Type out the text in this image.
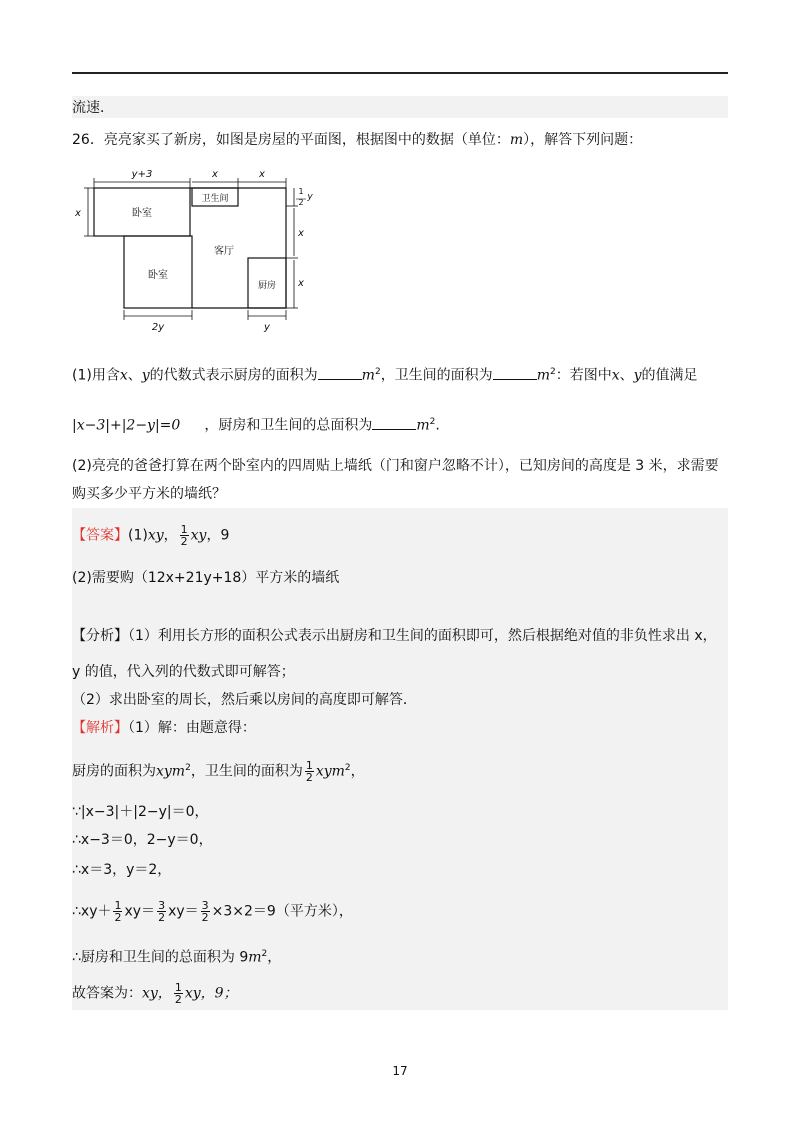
流速．
26．亮亮家买了新房，如图是房屋的平面图，根据图中的数据（单位：m），解答下列问题：
卧室
卧室
卫生间
客厅
厨房
y+3	x	x
x
1
2
y
x
x
2y	y
(1)用含x、y的代数式表示厨房的面积为	$m^2$，卫生间的面积为	$m^2$：若图中x、y的值满足
|x−3|+|2−y|=0 ，厨房和卫生间的总面积为	$m^2$.
(2)亮亮的爸爸打算在两个卧室内的四周贴上墙纸（门和窗户忽略不计），已知房间的高度是 3 米，求需要
购买多少平方米的墙纸？
【答案】(1)xy， $\frac{1}{2}$ xy，9
(2)需要购（12x+21y+18）平方米的墙纸
【分析】（1）利用长方形的面积公式表示出厨房和卫生间的面积即可，然后根据绝对值的非负性求出 x，
y 的值，代入列的代数式即可解答；
（2）求出卧室的周长，然后乘以房间的高度即可解答．
【解析】（1）解：由题意得：
厨房的面积为xym$^2$，卫生间的面积为 $\frac{1}{2} xym^2$，
∵|x−3|＋|2−y|＝0，
∴x−3＝0，2−y＝0，
∴x＝3，y＝2，
∴xy＋ $\frac{1}{2} xy= \frac{3}{2} xy= \frac{3}{2} \times 3\times 2=9$（平方米），
∴厨房和卫生间的总面积为 $9m^2$，
故答案为：xy， $\frac{1}{2}$ xy，9；
17
